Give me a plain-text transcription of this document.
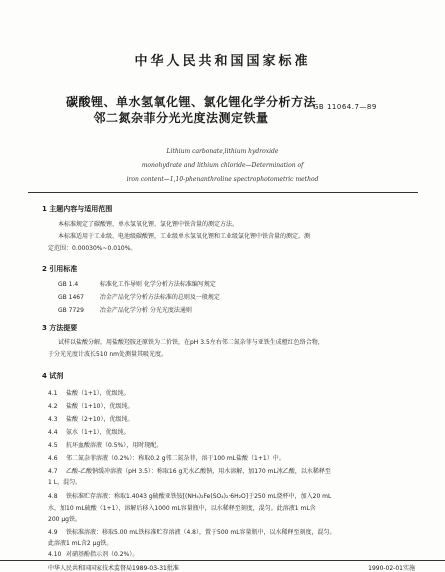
中华人民共和国国家标准
碳酸锂、单水氢氧化锂、氯化锂化学分析方法
邻二氮杂菲分光光度法测定铁量
GB 11064.7—89
Lithium carbonate,lithium hydroxide
monohydrate and lithium chloride—Determination of
iron content—1,10-phenanthroline spectrophotometric method
1 主题内容与适用范围
本标准规定了碳酸锂、单水氢氧化锂、氯化锂中铁含量的测定方法。
本标准适用于工业级、电池级碳酸锂，工业级单水氢氧化锂和工业级氯化锂中铁含量的测定。测
定范围：0.00030%~0.010%。
2 引用标准
GB 1.4	标准化工作导则 化学分析方法标准编写规定
GB 1467	冶金产品化学分析方法标准的总则及一般规定
GB 7729	冶金产品化学分析 分光光度法通则
3 方法提要
试样以盐酸分解，用盐酸羟胺还原铁为二价铁，在pH 3.5左右邻二氮杂菲与亚铁生成橙红色络合物，
于分光光度计波长510 nm处测量其吸光度。
4 试剂
4.1 盐酸（1+1），优级纯。
4.2 盐酸（1+10），优级纯。
4.3 盐酸（2+10），优级纯。
4.4 氨水（1+1），优级纯。
4.5 抗坏血酸溶液（0.5%），用时现配。
4.6 邻二氮杂菲溶液（0.2%）：称取0.2 g邻二氮杂菲，溶于100 mL盐酸（1+1）中。
4.7 乙酸-乙酸钠缓冲溶液（pH 3.5）：称取16 g无水乙酸钠，用水溶解，加170 mL冰乙酸，以水稀释至
1 L，混匀。
4.8 铁标准贮存溶液：称取1.4043 g硫酸亚铁铵[(NH₄)₂Fe(SO₄)₂·6H₂O]于250 mL烧杯中，加入20 mL
水，加10 mL硫酸（1+1），溶解后移入1000 mL容量瓶中，以水稀释至刻度，混匀。此溶液1 mL含
200 μg铁。
4.9 铁标准溶液：移取5.00 mL铁标准贮存溶液（4.8），置于500 mL容量瓶中，以水稀释至刻度，混匀。
此溶液1 mL含2 μg铁。
4.10 对硝基酚指示剂（0.2%）。
中华人民共和国国家技术监督局1989-03-31批准	1990-02-01实施
